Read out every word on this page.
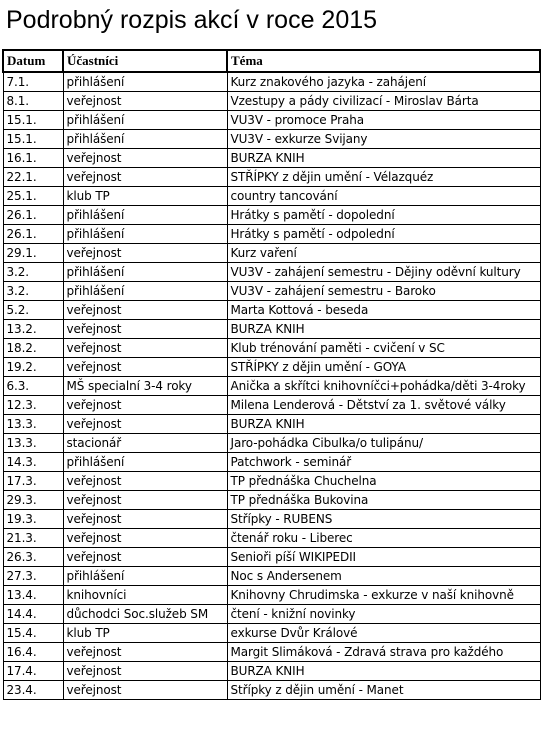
Podrobný rozpis akcí v roce 2015
Datum	Účastníci	Téma
7.1.	přihlášení	Kurz znakového jazyka - zahájení
8.1.	veřejnost	Vzestupy a pády civilizací - Miroslav Bárta
15.1.	přihlášení	VU3V - promoce Praha
15.1.	přihlášení	VU3V - exkurze Svijany
16.1.	veřejnost	BURZA KNIH
22.1.	veřejnost	STŘÍPKY z dějin umění - Vélazquéz
25.1.	klub TP	country tancování
26.1.	přihlášení	Hrátky s pamětí - dopolední
26.1.	přihlášení	Hrátky s pamětí - odpolední
29.1.	veřejnost	Kurz vaření
3.2.	přihlášení	VU3V - zahájení semestru - Dějiny oděvní kultury
3.2.	přihlášení	VU3V - zahájení semestru - Baroko
5.2.	veřejnost	Marta Kottová - beseda
13.2.	veřejnost	BURZA KNIH
18.2.	veřejnost	Klub trénování paměti - cvičení v SC
19.2.	veřejnost	STŘÍPKY z dějin umění - GOYA
6.3.	MŠ specialní 3-4 roky	Anička a skřítci knihovníčci+pohádka/děti 3-4roky
12.3.	veřejnost	Milena Lenderová - Dětství za 1. světové války
13.3.	veřejnost	BURZA KNIH
13.3.	stacionář	Jaro-pohádka Cibulka/o tulipánu/
14.3.	přihlášení	Patchwork - seminář
17.3.	veřejnost	TP přednáška Chuchelna
29.3.	veřejnost	TP přednáška Bukovina
19.3.	veřejnost	Střípky - RUBENS
21.3.	veřejnost	čtenář roku - Liberec
26.3.	veřejnost	Senioři píší WIKIPEDII
27.3.	přihlášení	Noc s Andersenem
13.4.	knihovníci	Knihovny Chrudimska - exkurze v naší knihovně
14.4.	důchodci Soc.služeb SM	čtení - knižní novinky
15.4.	klub TP	exkurse Dvůr Králové
16.4.	veřejnost	Margit Slimáková - Zdravá strava pro každého
17.4.	veřejnost	BURZA KNIH
23.4.	veřejnost	Střípky z dějin umění - Manet
